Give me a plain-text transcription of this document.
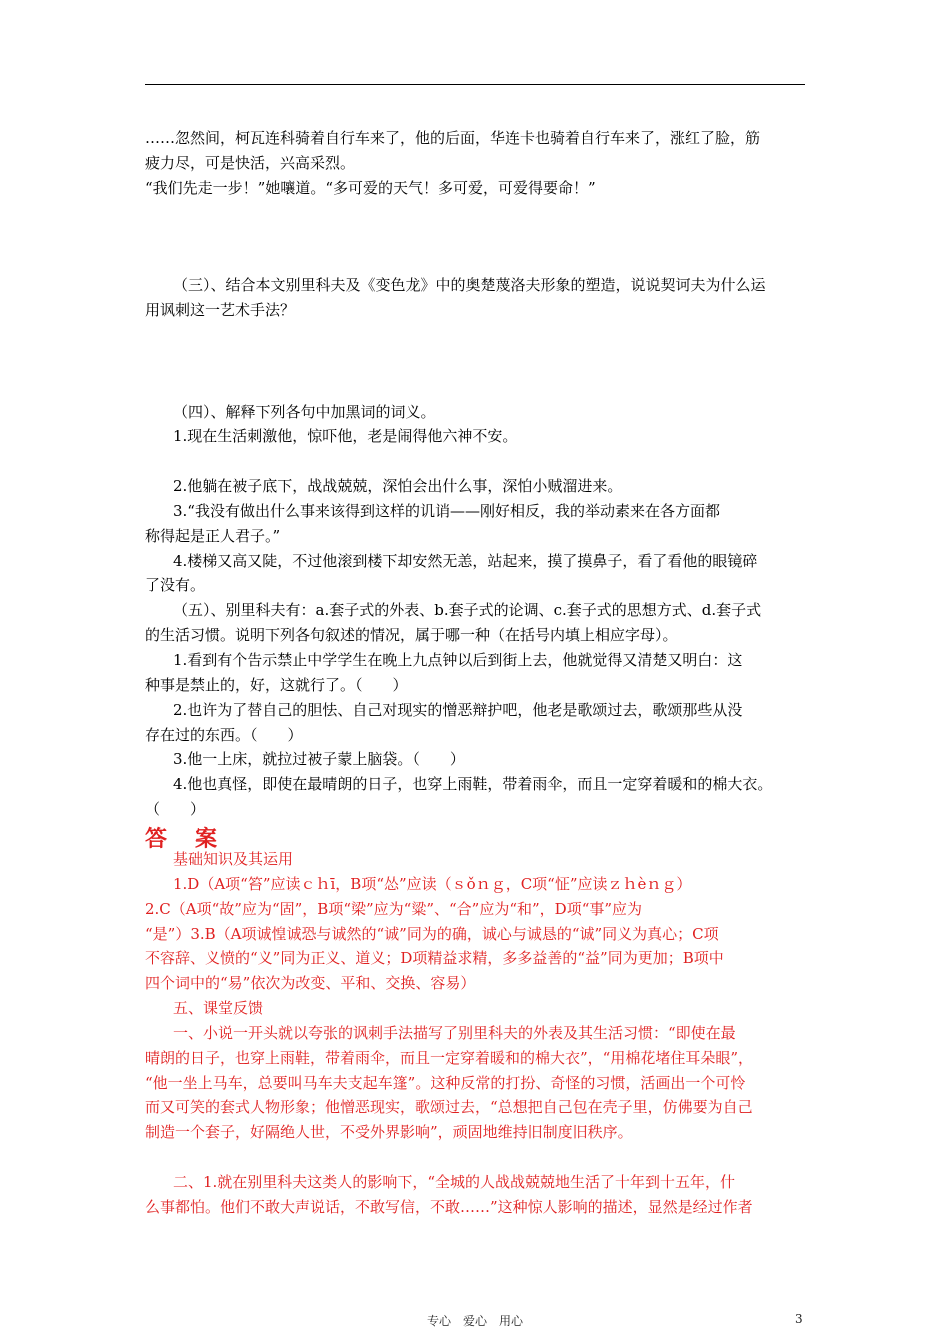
……忽然间，柯瓦连科骑着自行车来了，他的后面，华连卡也骑着自行车来了，涨红了脸，筋
疲力尽，可是快活，兴高采烈。
“我们先走一步！”她嚷道。“多可爱的天气！多可爱，可爱得要命！”
（三）、结合本文别里科夫及《变色龙》中的奥楚蔑洛夫形象的塑造，说说契诃夫为什么运
用讽刺这一艺术手法？
（四）、解释下列各句中加黑词的词义。
1.现在生活刺激他，惊吓他，老是闹得他六神不安。
2.他躺在被子底下，战战兢兢，深怕会出什么事，深怕小贼溜进来。
3.“我没有做出什么事来该得到这样的讥诮——刚好相反，我的举动素来在各方面都
称得起是正人君子。”
4.楼梯又高又陡，不过他滚到楼下却安然无恙，站起来，摸了摸鼻子，看了看他的眼镜碎
了没有。
（五）、别里科夫有：a.套子式的外表、b.套子式的论调、c.套子式的思想方式、d.套子式
的生活习惯。说明下列各句叙述的情况，属于哪一种（在括号内填上相应字母）。
1.看到有个告示禁止中学学生在晚上九点钟以后到街上去，他就觉得又清楚又明白：这
种事是禁止的，好，这就行了。（　　）
2.也许为了替自己的胆怯、自己对现实的憎恶辩护吧，他老是歌颂过去，歌颂那些从没
存在过的东西。（　　）
3.他一上床，就拉过被子蒙上脑袋。（　　）
4.他也真怪，即使在最晴朗的日子，也穿上雨鞋，带着雨伞，而且一定穿着暖和的棉大衣。
（　　）
答案
基础知识及其运用
1.D（A项“笞”应读ｃｈī，B项“怂”应读（ｓǒｎｇ，C项“怔”应读ｚｈèｎｇ）
2.C（A项“故”应为“固”，B项“梁”应为“粱”、“合”应为“和”，D项“事”应为
“是”）3.B（A项诚惶诚恐与诚然的“诚”同为的确，诚心与诚恳的“诚”同义为真心；C项
不容辞、义愤的“义”同为正义、道义；D项精益求精，多多益善的“益”同为更加；B项中
四个词中的“易”依次为改变、平和、交换、容易）
五、课堂反馈
一、小说一开头就以夸张的讽刺手法描写了别里科夫的外表及其生活习惯：“即使在最
晴朗的日子，也穿上雨鞋，带着雨伞，而且一定穿着暖和的棉大衣”，“用棉花堵住耳朵眼”，
“他一坐上马车，总要叫马车夫支起车篷”。这种反常的打扮、奇怪的习惯，活画出一个可怜
而又可笑的套式人物形象；他憎恶现实，歌颂过去，“总想把自己包在壳子里，仿佛要为自己
制造一个套子，好隔绝人世，不受外界影响”，顽固地维持旧制度旧秩序。
二、1.就在别里科夫这类人的影响下，“全城的人战战兢兢地生活了十年到十五年，什
么事都怕。他们不敢大声说话，不敢写信，不敢……”这种惊人影响的描述，显然是经过作者
专心　爱心　用心	3
